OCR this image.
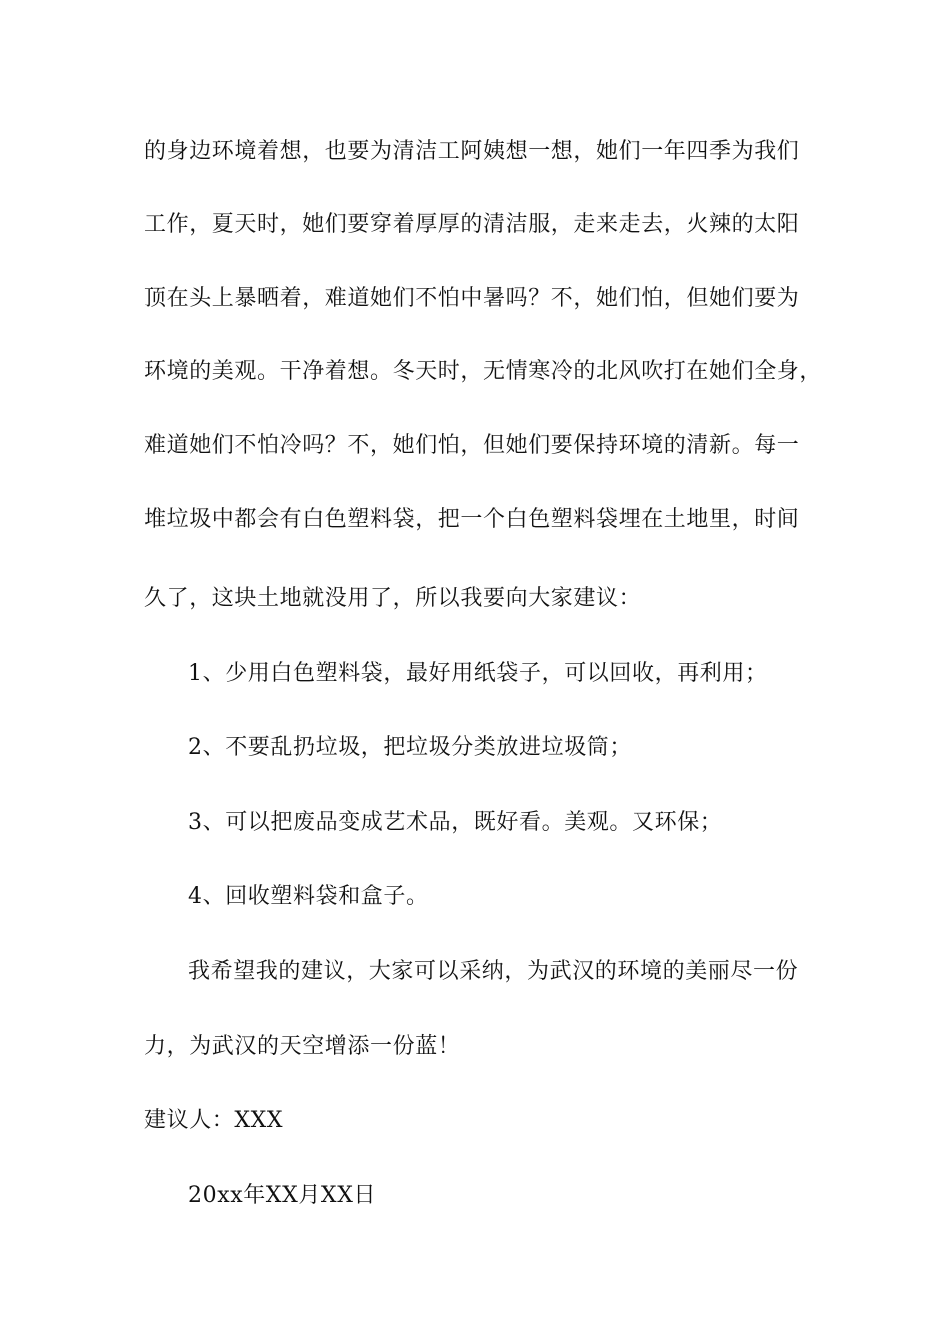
的身边环境着想，也要为清洁工阿姨想一想，她们一年四季为我们
工作，夏天时，她们要穿着厚厚的清洁服，走来走去，火辣的太阳
顶在头上暴晒着，难道她们不怕中暑吗？不，她们怕，但她们要为
环境的美观。干净着想。冬天时，无情寒冷的北风吹打在她们全身，
难道她们不怕冷吗？不，她们怕，但她们要保持环境的清新。每一
堆垃圾中都会有白色塑料袋，把一个白色塑料袋埋在土地里，时间
久了，这块土地就没用了，所以我要向大家建议：
1、少用白色塑料袋，最好用纸袋子，可以回收，再利用；
2、不要乱扔垃圾，把垃圾分类放进垃圾筒；
3、可以把废品变成艺术品，既好看。美观。又环保；
4、回收塑料袋和盒子。
我希望我的建议，大家可以采纳，为武汉的环境的美丽尽一份
力，为武汉的天空增添一份蓝！
建议人：XXX
20xx年XX月XX日
